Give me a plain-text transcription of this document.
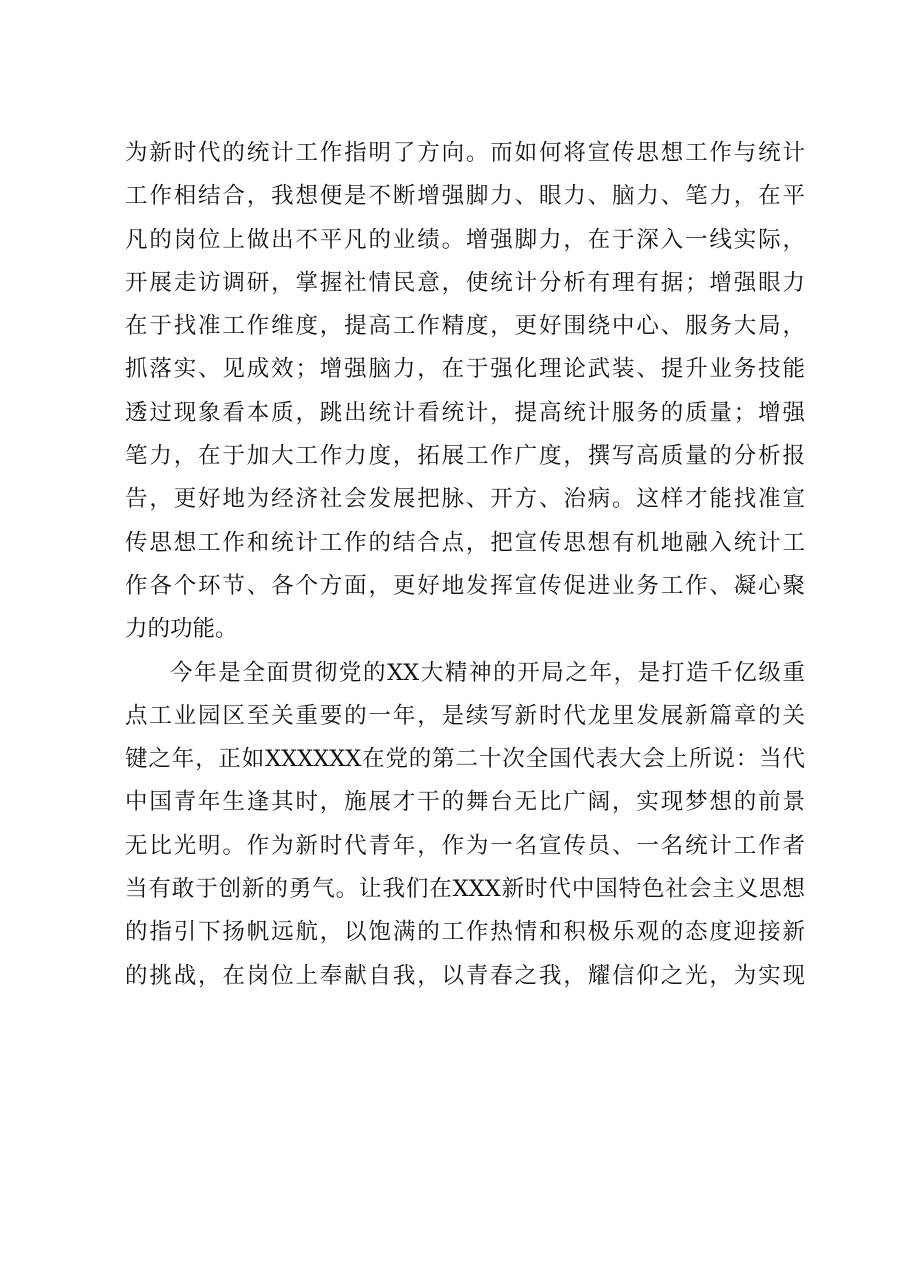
为新时代的统计工作指明了方向。而如何将宣传思想工作与统计
工作相结合，我想便是不断增强脚力、眼力、脑力、笔力，在平
凡的岗位上做出不平凡的业绩。增强脚力，在于深入一线实际，
开展走访调研，掌握社情民意，使统计分析有理有据；增强眼力
在于找准工作维度，提高工作精度，更好围绕中心、服务大局，
抓落实、见成效；增强脑力，在于强化理论武装、提升业务技能
透过现象看本质，跳出统计看统计，提高统计服务的质量；增强
笔力，在于加大工作力度，拓展工作广度，撰写高质量的分析报
告，更好地为经济社会发展把脉、开方、治病。这样才能找准宣
传思想工作和统计工作的结合点，把宣传思想有机地融入统计工
作各个环节、各个方面，更好地发挥宣传促进业务工作、凝心聚
力的功能。
今年是全面贯彻党的XX大精神的开局之年，是打造千亿级重
点工业园区至关重要的一年，是续写新时代龙里发展新篇章的关
键之年，正如XXXXXX在党的第二十次全国代表大会上所说：当代
中国青年生逢其时，施展才干的舞台无比广阔，实现梦想的前景
无比光明。作为新时代青年，作为一名宣传员、一名统计工作者
当有敢于创新的勇气。让我们在XXX新时代中国特色社会主义思想
的指引下扬帆远航，以饱满的工作热情和积极乐观的态度迎接新
的挑战，在岗位上奉献自我，以青春之我，耀信仰之光，为实现
